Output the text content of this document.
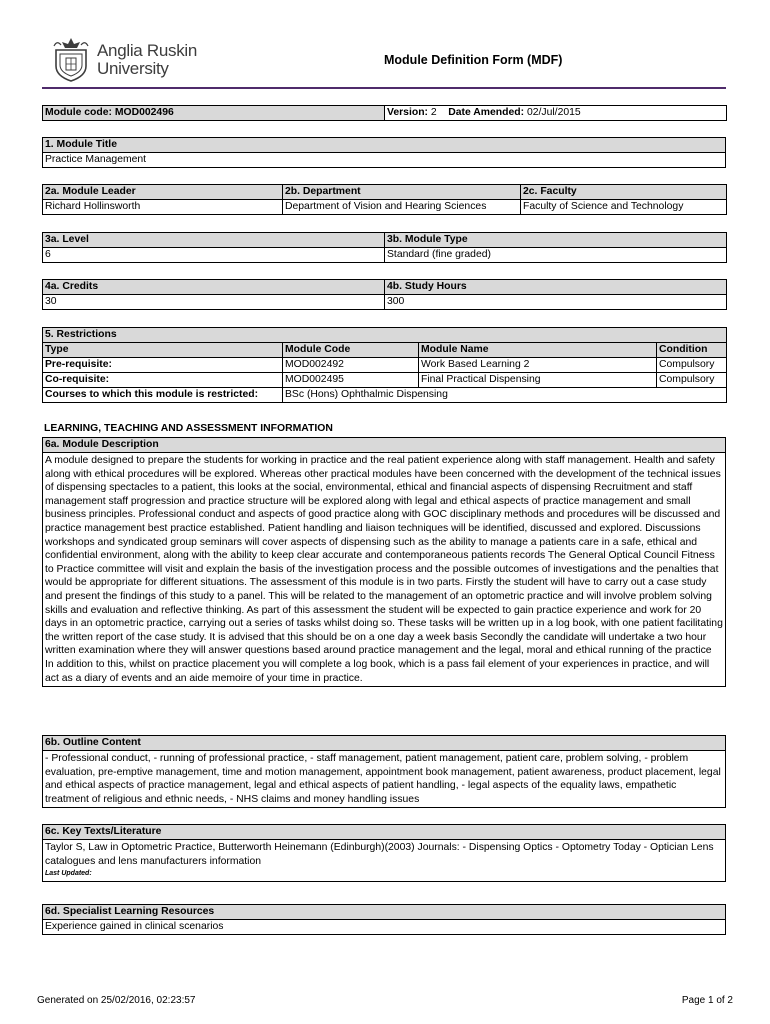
Anglia Ruskin
University	Module Definition Form (MDF)
Module code: MOD002496	Version: 2 Date Amended: 02/Jul/2015
1. Module Title
Practice Management
2a. Module Leader	2b. Department	2c. Faculty
Richard Hollinsworth	Department of Vision and Hearing Sciences	Faculty of Science and Technology
3a. Level	3b. Module Type
6	Standard (fine graded)
4a. Credits	4b. Study Hours
30	300
5. Restrictions			
Type	Module Code	Module Name	Condition
Pre-requisite:	MOD002492	Work Based Learning 2	Compulsory
Co-requisite:	MOD002495	Final Practical Dispensing	Compulsory
Courses to which this module is restricted:	BSc (Hons) Ophthalmic Dispensing		
LEARNING, TEACHING AND ASSESSMENT INFORMATION
6a. Module Description
A module designed to prepare the students for working in practice and the real patient experience along with staff management. Health and safety along with ethical procedures will be explored. Whereas other practical modules have been concerned with the development of the technical issues of dispensing spectacles to a patient, this looks at the social, environmental, ethical and financial aspects of dispensing Recruitment and staff management staff progression and practice structure will be explored along with legal and ethical aspects of practice management and small business principles. Professional conduct and aspects of good practice along with GOC disciplinary methods and procedures will be discussed and practice management best practice established. Patient handling and liaison techniques will be identified, discussed and explored. Discussions workshops and syndicated group seminars will cover aspects of dispensing such as the ability to manage a patients care in a safe, ethical and confidential environment, along with the ability to keep clear accurate and contemporaneous patients records The General Optical Council Fitness to Practice committee will visit and explain the basis of the investigation process and the possible outcomes of investigations and the penalties that would be appropriate for different situations. The assessment of this module is in two parts. Firstly the student will have to carry out a case study and present the findings of this study to a panel. This will be related to the management of an optometric practice and will involve problem solving skills and evaluation and reflective thinking. As part of this assessment the student will be expected to gain practice experience and work for 20 days in an optometric practice, carrying out a series of tasks whilst doing so. These tasks will be written up in a log book, with one patient facilitating the written report of the case study. It is advised that this should be on a one day a week basis Secondly the candidate will undertake a two hour written examination where they will answer questions based around practice management and the legal, moral and ethical running of the practice In addition to this, whilst on practice placement you will complete a log book, which is a pass fail element of your experiences in practice, and will act as a diary of events and an aide memoire of your time in practice.
6b. Outline Content
- Professional conduct, - running of professional practice, - staff management, patient management, patient care, problem solving, - problem evaluation, pre-emptive management, time and motion management, appointment book management, patient awareness, product placement, legal and ethical aspects of practice management, legal and ethical aspects of patient handling, - legal aspects of the equality laws, empathetic treatment of religious and ethnic needs, - NHS claims and money handling issues
6c. Key Texts/Literature

Taylor S, Law in Optometric Practice, Butterworth Heinemann (Edinburgh)(2003) Journals: - Dispensing Optics - Optometry Today - Optician Lens catalogues and lens manufacturers information
Last Updated:
6d. Specialist Learning Resources
Experience gained in clinical scenarios
Generated on 25/02/2016, 02:23:57	Page 1 of 2
